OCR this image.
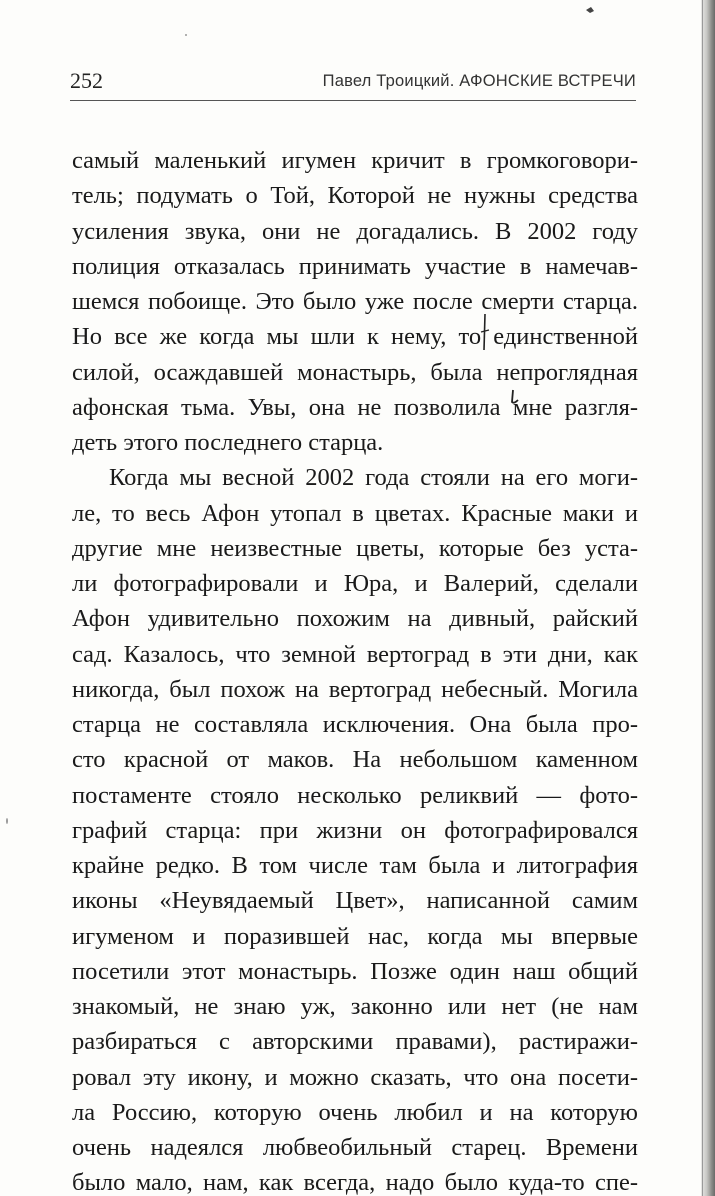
252	Павел Троицкий. АФОНСКИЕ ВСТРЕЧИ
самый маленький игумен кричит в громкоговори-
тель; подумать о Той, Которой не нужны средства
усиления звука, они не догадались. В 2002 году
полиция отказалась принимать участие в намечав-
шемся побоище. Это было уже после смерти старца.
Но все же когда мы шли к нему, то единственной
силой, осаждавшей монастырь, была непроглядная
афонская тьма. Увы, она не позволила мне разгля-
деть этого последнего старца.
Когда мы весной 2002 года стояли на его моги-
ле, то весь Афон утопал в цветах. Красные маки и
другие мне неизвестные цветы, которые без уста-
ли фотографировали и Юра, и Валерий, сделали
Афон удивительно похожим на дивный, райский
сад. Казалось, что земной вертоград в эти дни, как
никогда, был похож на вертоград небесный. Могила
старца не составляла исключения. Она была про-
сто красной от маков. На небольшом каменном
постаменте стояло несколько реликвий — фото-
графий старца: при жизни он фотографировался
крайне редко. В том числе там была и литография
иконы «Неувядаемый Цвет», написанной самим
игуменом и поразившей нас, когда мы впервые
посетили этот монастырь. Позже один наш общий
знакомый, не знаю уж, законно или нет (не нам
разбираться с авторскими правами), растиражи-
ровал эту икону, и можно сказать, что она посети-
ла Россию, которую очень любил и на которую
очень надеялся любвеобильный старец. Времени
было мало, нам, как всегда, надо было куда-то спе-
